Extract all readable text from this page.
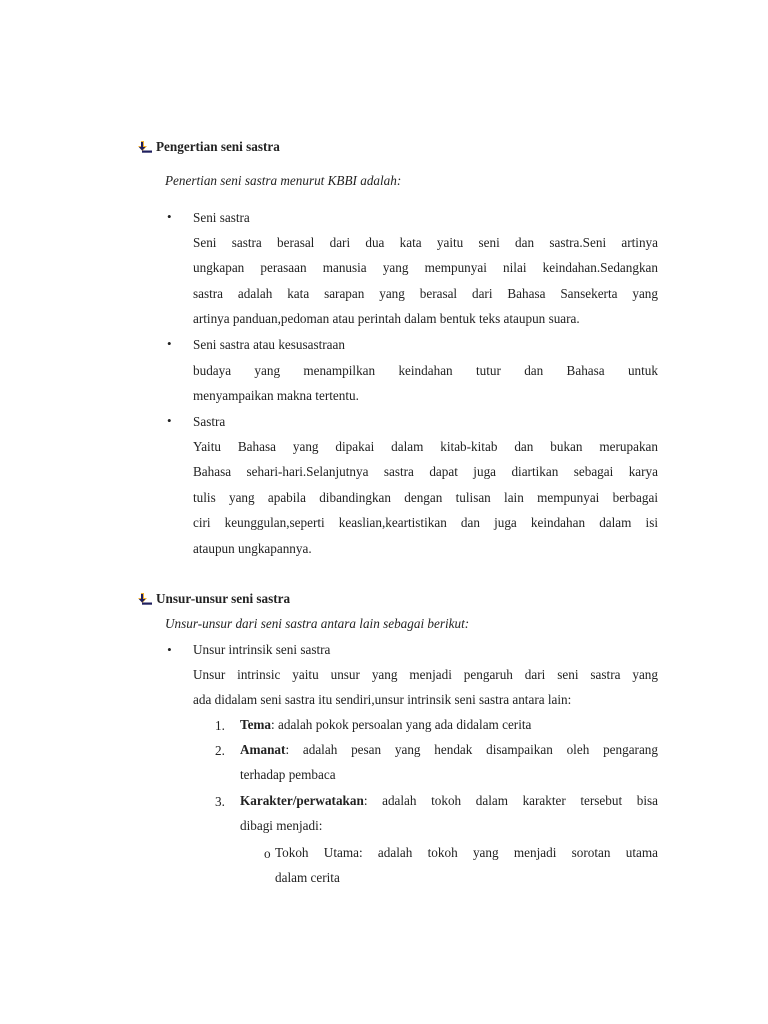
Pengertian seni sastra
Penertian seni sastra menurut KBBI adalah:
• Seni sastra
Seni sastra berasal dari dua kata yaitu seni dan sastra.Seni artinya
ungkapan perasaan manusia yang mempunyai nilai keindahan.Sedangkan
sastra adalah kata sarapan yang berasal dari Bahasa Sansekerta yang
artinya panduan,pedoman atau perintah dalam bentuk teks ataupun suara.
• Seni sastra atau kesusastraan
budaya yang menampilkan keindahan tutur dan Bahasa untuk
menyampaikan makna tertentu.
• Sastra
Yaitu Bahasa yang dipakai dalam kitab-kitab dan bukan merupakan
Bahasa sehari-hari.Selanjutnya sastra dapat juga diartikan sebagai karya
tulis yang apabila dibandingkan dengan tulisan lain mempunyai berbagai
ciri keunggulan,seperti keaslian,keartistikan dan juga keindahan dalam isi
ataupun ungkapannya.
Unsur-unsur seni sastra
Unsur-unsur dari seni sastra antara lain sebagai berikut:
• Unsur intrinsik seni sastra
Unsur intrinsic yaitu unsur yang menjadi pengaruh dari seni sastra yang
ada didalam seni sastra itu sendiri,unsur intrinsik seni sastra antara lain:
1. Tema: adalah pokok persoalan yang ada didalam cerita
2. Amanat: adalah pesan yang hendak disampaikan oleh pengarang
terhadap pembaca
3. Karakter/perwatakan: adalah tokoh dalam karakter tersebut bisa
dibagi menjadi:
o Tokoh Utama: adalah tokoh yang menjadi sorotan utama
dalam cerita
